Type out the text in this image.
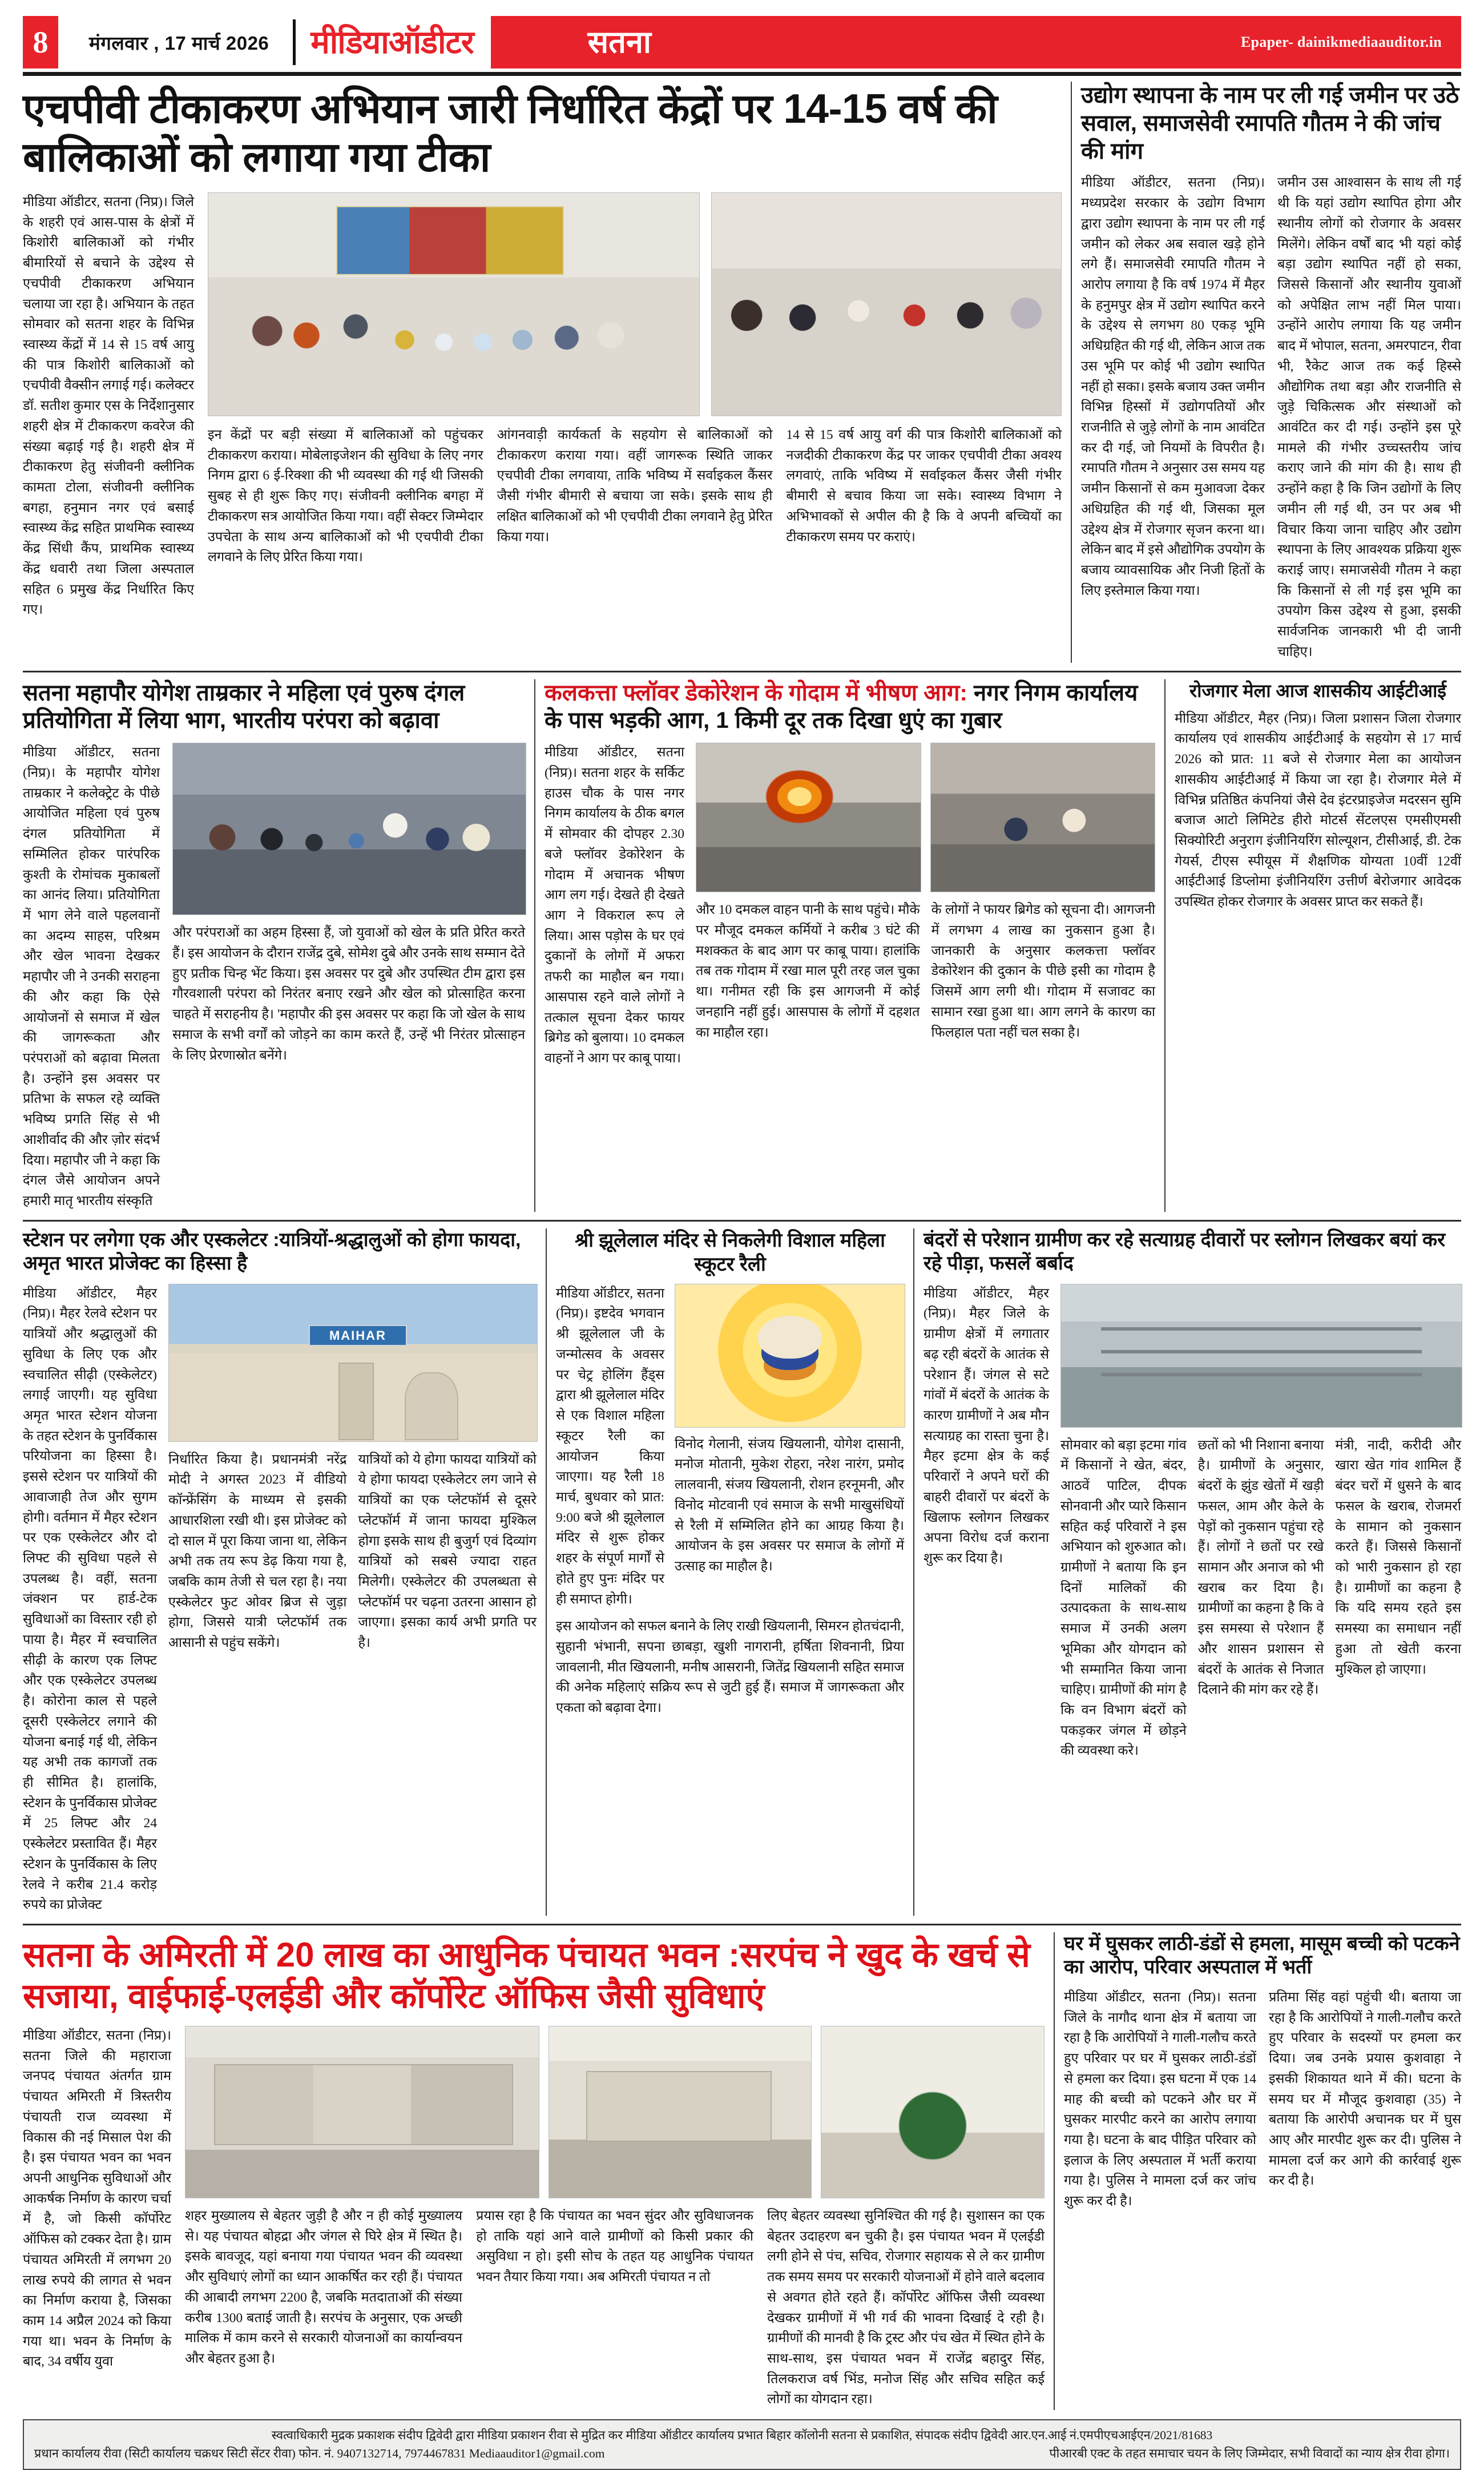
8	मंगलवार , 17 मार्च 2026	मीडियाऑडीटर	सतना	Epaper- dainikmediaauditor.in
एचपीवी टीकाकरण अभियान जारी निर्धारित केंद्रों पर 14-15 वर्ष की बालिकाओं को लगाया गया टीका

मीडिया ऑडीटर, सतना (निप्र)। जिले के शहरी एवं आस-पास के क्षेत्रों में किशोरी बालिकाओं को गंभीर बीमारियों से बचाने के उद्देश्य से एचपीवी टीकाकरण अभियान चलाया जा रहा है। अभियान के तहत सोमवार को सतना शहर के विभिन्न स्वास्थ्य केंद्रों में 14 से 15 वर्ष आयु की पात्र किशोरी बालिकाओं को एचपीवी वैक्सीन लगाई गई। कलेक्टर डॉ. सतीश कुमार एस के निर्देशानुसार शहरी क्षेत्र में टीकाकरण कवरेज की संख्या बढ़ाई गई है। शहरी क्षेत्र में टीकाकरण हेतु संजीवनी क्लीनिक कामता टोला, संजीवनी क्लीनिक बगहा, हनुमान नगर एवं बसाई स्वास्थ्य केंद्र सहित प्राथमिक स्वास्थ्य केंद्र सिंधी कैंप, प्राथमिक स्वास्थ्य केंद्र धवारी तथा जिला अस्पताल सहित 6 प्रमुख केंद्र निर्धारित किए गए।

इन केंद्रों पर बड़ी संख्या में बालिकाओं को पहुंचकर टीकाकरण कराया। मोबेलाइजेशन की सुविधा के लिए नगर निगम द्वारा 6 ई-रिक्शा की भी व्यवस्था की गई थी जिसकी सुबह से ही शुरू किए गए। संजीवनी क्लीनिक बगहा में टीकाकरण सत्र आयोजित किया गया। वहीं सेक्टर जिम्मेदार उपचेता के साथ अन्य बालिकाओं को भी एचपीवी टीका लगवाने के लिए प्रेरित किया गया।

आंगनवाड़ी कार्यकर्ता के सहयोग से बालिकाओं को टीकाकरण कराया गया। वहीं जागरूक स्थिति जाकर एचपीवी टीका लगवाया, ताकि भविष्य में सर्वाइकल कैंसर जैसी गंभीर बीमारी से बचाया जा सके। इसके साथ ही लक्षित बालिकाओं को भी एचपीवी टीका लगवाने हेतु प्रेरित किया गया।

14 से 15 वर्ष आयु वर्ग की पात्र किशोरी बालिकाओं को नजदीकी टीकाकरण केंद्र पर जाकर एचपीवी टीका अवश्य लगवाएं, ताकि भविष्य में सर्वाइकल कैंसर जैसी गंभीर बीमारी से बचाव किया जा सके। स्वास्थ्य विभाग ने अभिभावकों से अपील की है कि वे अपनी बच्चियों का टीकाकरण समय पर कराएं।

उद्योग स्थापना के नाम पर ली गई जमीन पर उठे सवाल, समाजसेवी रमापति गौतम ने की जांच की मांग

मीडिया ऑडीटर, सतना (निप्र)। मध्यप्रदेश सरकार के उद्योग विभाग द्वारा उद्योग स्थापना के नाम पर ली गई जमीन को लेकर अब सवाल खड़े होने लगे हैं। समाजसेवी रमापति गौतम ने आरोप लगाया है कि वर्ष 1974 में मैहर के हनुमपुर क्षेत्र में उद्योग स्थापित करने के उद्देश्य से लगभग 80 एकड़ भूमि अधिग्रहित की गई थी, लेकिन आज तक उस भूमि पर कोई भी उद्योग स्थापित नहीं हो सका। इसके बजाय उक्त जमीन विभिन्न हिस्सों में उद्योगपतियों और राजनीति से जुड़े लोगों के नाम आवंटित कर दी गई, जो नियमों के विपरीत है। रमापति गौतम ने अनुसार उस समय यह जमीन किसानों से कम मुआवजा देकर अधिग्रहित की गई थी, जिसका मूल उद्देश्य क्षेत्र में रोजगार सृजन करना था। लेकिन बाद में इसे औद्योगिक उपयोग के बजाय व्यावसायिक और निजी हितों के लिए इस्तेमाल किया गया।

जमीन उस आश्वासन के साथ ली गई थी कि यहां उद्योग स्थापित होगा और स्थानीय लोगों को रोजगार के अवसर मिलेंगे। लेकिन वर्षों बाद भी यहां कोई बड़ा उद्योग स्थापित नहीं हो सका, जिससे किसानों और स्थानीय युवाओं को अपेक्षित लाभ नहीं मिल पाया। उन्होंने आरोप लगाया कि यह जमीन बाद में भोपाल, सतना, अमरपाटन, रीवा भी, रैकेट आज तक कई हिस्से औद्योगिक तथा बड़ा और राजनीति से जुड़े चिकित्सक और संस्थाओं को आवंटित कर दी गई। उन्होंने इस पूरे मामले की गंभीर उच्चस्तरीय जांच कराए जाने की मांग की है। साथ ही उन्होंने कहा है कि जिन उद्योगों के लिए जमीन ली गई थी, उन पर अब भी विचार किया जाना चाहिए और उद्योग स्थापना के लिए आवश्यक प्रक्रिया शुरू कराई जाए। समाजसेवी गौतम ने कहा कि किसानों से ली गई इस भूमि का उपयोग किस उद्देश्य से हुआ, इसकी सार्वजनिक जानकारी भी दी जानी चाहिए।

सतना महापौर योगेश ताम्रकार ने महिला एवं पुरुष दंगल प्रतियोगिता में लिया भाग, भारतीय परंपरा को बढ़ावा

मीडिया ऑडीटर, सतना (निप्र)। के महापौर योगेश ताम्रकार ने कलेक्ट्रेट के पीछे आयोजित महिला एवं पुरुष दंगल प्रतियोगिता में सम्मिलित होकर पारंपरिक कुश्ती के रोमांचक मुकाबलों का आनंद लिया। प्रतियोगिता में भाग लेने वाले पहलवानों का अदम्य साहस, परिश्रम और खेल भावना देखकर महापौर जी ने उनकी सराहना की और कहा कि ऐसे आयोजनों से समाज में खेल की जागरूकता और परंपराओं को बढ़ावा मिलता है। उन्होंने इस अवसर पर प्रतिभा के सफल रहे व्यक्ति भविष्य प्रगति सिंह से भी आशीर्वाद की और ज़ोर संदर्भ दिया। महापौर जी ने कहा कि दंगल जैसे आयोजन अपने हमारी मातृ भारतीय संस्कृति

और परंपराओं का अहम हिस्सा हैं, जो युवाओं को खेल के प्रति प्रेरित करते हैं। इस आयोजन के दौरान राजेंद्र दुबे, सोमेश दुबे और उनके साथ सम्मान देते हुए प्रतीक चिन्ह भेंट किया। इस अवसर पर दुबे और उपस्थित टीम द्वारा इस गौरवशाली परंपरा को निरंतर बनाए रखने और खेल को प्रोत्साहित करना चाहते में सराहनीय है। 'महापौर की इस अवसर पर कहा कि जो खेल के साथ समाज के सभी वर्गों को जोड़ने का काम करते हैं, उन्हें भी निरंतर प्रोत्साहन के लिए प्रेरणास्रोत बनेंगे।

कलकत्ता फ्लॉवर डेकोरेशन के गोदाम में भीषण आग: नगर निगम कार्यालय के पास भड़की आग, 1 किमी दूर तक दिखा धुएं का गुबार

मीडिया ऑडीटर, सतना (निप्र)। सतना शहर के सर्किट हाउस चौक के पास नगर निगम कार्यालय के ठीक बगल में सोमवार की दोपहर 2.30 बजे फ्लॉवर डेकोरेशन के गोदाम में अचानक भीषण आग लग गई। देखते ही देखते आग ने विकराल रूप ले लिया। आस पड़ोस के घर एवं दुकानों के लोगों में अफरा तफरी का माहौल बन गया। आसपास रहने वाले लोगों ने तत्काल सूचना देकर फायर ब्रिगेड को बुलाया। 10 दमकल वाहनों ने आग पर काबू पाया।

और 10 दमकल वाहन पानी के साथ पहुंचे। मौके पर मौजूद दमकल कर्मियों ने करीब 3 घंटे की मशक्कत के बाद आग पर काबू पाया। हालांकि तब तक गोदाम में रखा माल पूरी तरह जल चुका था। गनीमत रही कि इस आगजनी में कोई जनहानि नहीं हुई। आसपास के लोगों में दहशत का माहौल रहा।

के लोगों ने फायर ब्रिगेड को सूचना दी। आगजनी में लगभग 4 लाख का नुकसान हुआ है। जानकारी के अनुसार कलकत्ता फ्लॉवर डेकोरेशन की दुकान के पीछे इसी का गोदाम है जिसमें आग लगी थी। गोदाम में सजावट का सामान रखा हुआ था। आग लगने के कारण का फिलहाल पता नहीं चल सका है।

रोजगार मेला आज शासकीय आईटीआई

मीडिया ऑडीटर, मैहर (निप्र)। जिला प्रशासन जिला रोजगार कार्यालय एवं शासकीय आईटीआई के सहयोग से 17 मार्च 2026 को प्रात: 11 बजे से रोजगार मेला का आयोजन शासकीय आईटीआई में किया जा रहा है। रोजगार मेले में विभिन्न प्रतिष्ठित कंपनियां जैसे देव इंटरप्राइजेज मदरसन सुमि बजाज आटो लिमिटेड हीरो मोटर्स सेंटलएस एमसीएमसी सिक्योरिटी अनुराग इंजीनियरिंग सोल्यूशन, टीसीआई, डी. टेक गेयर्स, टीएस स्पीयूस में शैक्षणिक योग्यता 10वीं 12वीं आईटीआई डिप्लोमा इंजीनियरिंग उत्तीर्ण बेरोजगार आवेदक उपस्थित होकर रोजगार के अवसर प्राप्त कर सकते हैं।

स्टेशन पर लगेगा एक और एस्कलेटर :यात्रियों-श्रद्धालुओं को होगा फायदा, अमृत भारत प्रोजेक्ट का हिस्सा है

मीडिया ऑडीटर, मैहर (निप्र)। मैहर रेलवे स्टेशन पर यात्रियों और श्रद्धालुओं की सुविधा के लिए एक और स्वचालित सीढ़ी (एस्केलेटर) लगाई जाएगी। यह सुविधा अमृत भारत स्टेशन योजना के तहत स्टेशन के पुनर्विकास परियोजना का हिस्सा है। इससे स्टेशन पर यात्रियों की आवाजाही तेज और सुगम होगी। वर्तमान में मैहर स्टेशन पर एक एस्केलेटर और दो लिफ्ट की सुविधा पहले से उपलब्ध है। वहीं, सतना जंक्शन पर हार्ड-टेक सुविधाओं का विस्तार रही हो पाया है। मैहर में स्वचालित सीढ़ी के कारण एक लिफ्ट और एक एस्केलेटर उपलब्ध है। कोरोना काल से पहले दूसरी एस्केलेटर लगाने की योजना बनाई गई थी, लेकिन यह अभी तक कागजों तक ही सीमित है। हालांकि, स्टेशन के पुनर्विकास प्रोजेक्ट में 25 लिफ्ट और 24 एस्केलेटर प्रस्तावित हैं। मैहर स्टेशन के पुनर्विकास के लिए रेलवे ने करीब 21.4 करोड़ रुपये का प्रोजेक्ट

MAIHAR

निर्धारित किया है। प्रधानमंत्री नरेंद्र मोदी ने अगस्त 2023 में वीडियो कॉन्फ्रेंसिंग के माध्यम से इसकी आधारशिला रखी थी। इस प्रोजेक्ट को दो साल में पूरा किया जाना था, लेकिन अभी तक तय रूप डेढ़ किया गया है, जबकि काम तेजी से चल रहा है। नया एस्केलेटर फुट ओवर ब्रिज से जुड़ा होगा, जिससे यात्री प्लेटफॉर्म तक आसानी से पहुंच सकेंगे।

यात्रियों को ये होगा फायदा यात्रियों को ये होगा फायदा एस्केलेटर लग जाने से यात्रियों का एक प्लेटफॉर्म से दूसरे प्लेटफॉर्म में जाना फायदा मुश्किल होगा इसके साथ ही बुजुर्ग एवं दिव्यांग यात्रियों को सबसे ज्यादा राहत मिलेगी। एस्केलेटर की उपलब्धता से प्लेटफॉर्म पर चढ़ना उतरना आसान हो जाएगा। इसका कार्य अभी प्रगति पर है।

श्री झूलेलाल मंदिर से निकलेगी विशाल महिला स्कूटर रैली

मीडिया ऑडीटर, सतना (निप्र)। इष्टदेव भगवान श्री झूलेलाल जी के जन्मोत्सव के अवसर पर चेट्र होलिंग हैंड्स द्वारा श्री झूलेलाल मंदिर से एक विशाल महिला स्कूटर रैली का आयोजन किया जाएगा। यह रैली 18 मार्च, बुधवार को प्रात: 9:00 बजे श्री झूलेलाल मंदिर से शुरू होकर शहर के संपूर्ण मार्गों से होते हुए पुनः मंदिर पर ही समाप्त होगी।

विनोद गेलानी, संजय खियलानी, योगेश दासानी, मनोज मोतानी, मुकेश रोहरा, नरेश नारंग, प्रमोद लालवानी, संजय खियलानी, रोशन हरनूमनी, और विनोद मोटवानी एवं समाज के सभी माखुसंधियों से रैली में सम्मिलित होने का आग्रह किया है। आयोजन के इस अवसर पर समाज के लोगों में उत्साह का माहौल है।

इस आयोजन को सफल बनाने के लिए राखी खियलानी, सिमरन होतचंदानी, सुहानी भंभानी, सपना छाबड़ा, खुशी नागरानी, हर्षिता शिवनानी, प्रिया जावलानी, मीत खियलानी, मनीष आसरानी, जितेंद्र खियलानी सहित समाज की अनेक महिलाएं सक्रिय रूप से जुटी हुई हैं। समाज में जागरूकता और एकता को बढ़ावा देगा।

बंदरों से परेशान ग्रामीण कर रहे सत्याग्रह दीवारों पर स्लोगन लिखकर बयां कर रहे पीड़ा, फसलें बर्बाद

मीडिया ऑडीटर, मैहर (निप्र)। मैहर जिले के ग्रामीण क्षेत्रों में लगातार बढ़ रही बंदरों के आतंक से परेशान हैं। जंगल से सटे गांवों में बंदरों के आतंक के कारण ग्रामीणों ने अब मौन सत्याग्रह का रास्ता चुना है। मैहर इटमा क्षेत्र के कई परिवारों ने अपने घरों की बाहरी दीवारों पर बंदरों के खिलाफ स्लोगन लिखकर अपना विरोध दर्ज कराना शुरू कर दिया है।

सोमवार को बड़ा इटमा गांव में किसानों ने खेत, बंदर, आठवें पाटिल, दीपक सोनवानी और प्यारे किसान सहित कई परिवारों ने इस अभियान को शुरुआत को। ग्रामीणों ने बताया कि इन दिनों मालिकों की उत्पादकता के साथ-साथ समाज में उनकी अलग भूमिका और योगदान को भी सम्मानित किया जाना चाहिए। ग्रामीणों की मांग है कि वन विभाग बंदरों को पकड़कर जंगल में छोड़ने की व्यवस्था करे।

छतों को भी निशाना बनाया है। ग्रामीणों के अनुसार, बंदरों के झुंड खेतों में खड़ी फसल, आम और केले के पेड़ों को नुकसान पहुंचा रहे हैं। लोगों ने छतों पर रखे सामान और अनाज को भी खराब कर दिया है। ग्रामीणों का कहना है कि वे इस समस्या से परेशान हैं और शासन प्रशासन से बंदरों के आतंक से निजात दिलाने की मांग कर रहे हैं।

मंत्री, नादी, करीदी और खारा खेत गांव शामिल हैं बंदर चरों में धुसने के बाद फसल के खराब, रोजमर्रा के सामान को नुकसान करते हैं। जिससे किसानों को भारी नुकसान हो रहा है। ग्रामीणों का कहना है कि यदि समय रहते इस समस्या का समाधान नहीं हुआ तो खेती करना मुश्किल हो जाएगा।

सतना के अमिरती में 20 लाख का आधुनिक पंचायत भवन :सरपंच ने खुद के खर्च से सजाया, वाईफाई-एलईडी और कॉर्पोरेट ऑफिस जैसी सुविधाएं

मीडिया ऑडीटर, सतना (निप्र)। सतना जिले की महाराजा जनपद पंचायत अंतर्गत ग्राम पंचायत अमिरती में त्रिस्तरीय पंचायती राज व्यवस्था में विकास की नई मिसाल पेश की है। इस पंचायत भवन का भवन अपनी आधुनिक सुविधाओं और आकर्षक निर्माण के कारण चर्चा में है, जो किसी कॉर्पोरेट ऑफिस को टक्कर देता है। ग्राम पंचायत अमिरती में लगभग 20 लाख रुपये की लागत से भवन का निर्माण कराया है, जिसका काम 14 अप्रैल 2024 को किया गया था। भवन के निर्माण के बाद, 34 वर्षीय युवा

शहर मुख्यालय से बेहतर जुड़ी है और न ही कोई मुख्यालय से। यह पंचायत बोहद्रा और जंगल से घिरे क्षेत्र में स्थित है। इसके बावजूद, यहां बनाया गया पंचायत भवन की व्यवस्था और सुविधाएं लोगों का ध्यान आकर्षित कर रही हैं। पंचायत की आबादी लगभग 2200 है, जबकि मतदाताओं की संख्या करीब 1300 बताई जाती है। सरपंच के अनुसार, एक अच्छी मालिक में काम करने से सरकारी योजनाओं का कार्यान्वयन और बेहतर हुआ है।

प्रयास रहा है कि पंचायत का भवन सुंदर और सुविधाजनक हो ताकि यहां आने वाले ग्रामीणों को किसी प्रकार की असुविधा न हो। इसी सोच के तहत यह आधुनिक पंचायत भवन तैयार किया गया। अब अमिरती पंचायत न तो

लिए बेहतर व्यवस्था सुनिश्चित की गई है। सुशासन का एक बेहतर उदाहरण बन चुकी है। इस पंचायत भवन में एलईडी लगी होने से पंच, सचिव, रोजगार सहायक से ले कर ग्रामीण तक समय समय पर सरकारी योजनाओं में होने वाले बदलाव से अवगत होते रहते हैं। कॉर्पोरेट ऑफिस जैसी व्यवस्था देखकर ग्रामीणों में भी गर्व की भावना दिखाई दे रही है। ग्रामीणों की मानवी है कि ट्रस्ट और पंच खेत में स्थित होने के साथ-साथ, इस पंचायत भवन में राजेंद्र बहादुर सिंह, तिलकराज वर्ष भिंड, मनोज सिंह और सचिव सहित कई लोगों का योगदान रहा।

घर में घुसकर लाठी-डंडों से हमला, मासूम बच्ची को पटकने का आरोप, परिवार अस्पताल में भर्ती

मीडिया ऑडीटर, सतना (निप्र)। सतना जिले के नागौद थाना क्षेत्र में बताया जा रहा है कि आरोपियों ने गाली-गलौच करते हुए परिवार पर घर में घुसकर लाठी-डंडों से हमला कर दिया। इस घटना में एक 14 माह की बच्ची को पटकने और घर में घुसकर मारपीट करने का आरोप लगाया गया है। घटना के बाद पीड़ित परिवार को इलाज के लिए अस्पताल में भर्ती कराया गया है। पुलिस ने मामला दर्ज कर जांच शुरू कर दी है।

प्रतिमा सिंह वहां पहुंची थी। बताया जा रहा है कि आरोपियों ने गाली-गलौच करते हुए परिवार के सदस्यों पर हमला कर दिया। जब उनके प्रयास कुशवाहा ने इसकी शिकायत थाने में की। घटना के समय घर में मौजूद कुशवाहा (35) ने बताया कि आरोपी अचानक घर में घुस आए और मारपीट शुरू कर दी। पुलिस ने मामला दर्ज कर आगे की कार्रवाई शुरू कर दी है।

स्वत्वाधिकारी मुद्रक प्रकाशक संदीप द्विवेदी द्वारा मीडिया प्रकाशन रीवा से मुद्रित कर मीडिया ऑडीटर कार्यालय प्रभात बिहार कॉलोनी सतना से प्रकाशित, संपादक संदीप द्विवेदी आर.एन.आई नं.एमपीएचआईएन/2021/81683
प्रधान कार्यालय रीवा (सिटी कार्यालय चक्रधर सिटी सेंटर रीवा) फोन. नं. 9407132714, 7974467831 Mediaauditor1@gmail.com	पीआरबी एक्ट के तहत समाचार चयन के लिए जिम्मेदार, सभी विवादों का न्याय क्षेत्र रीवा होगा।
